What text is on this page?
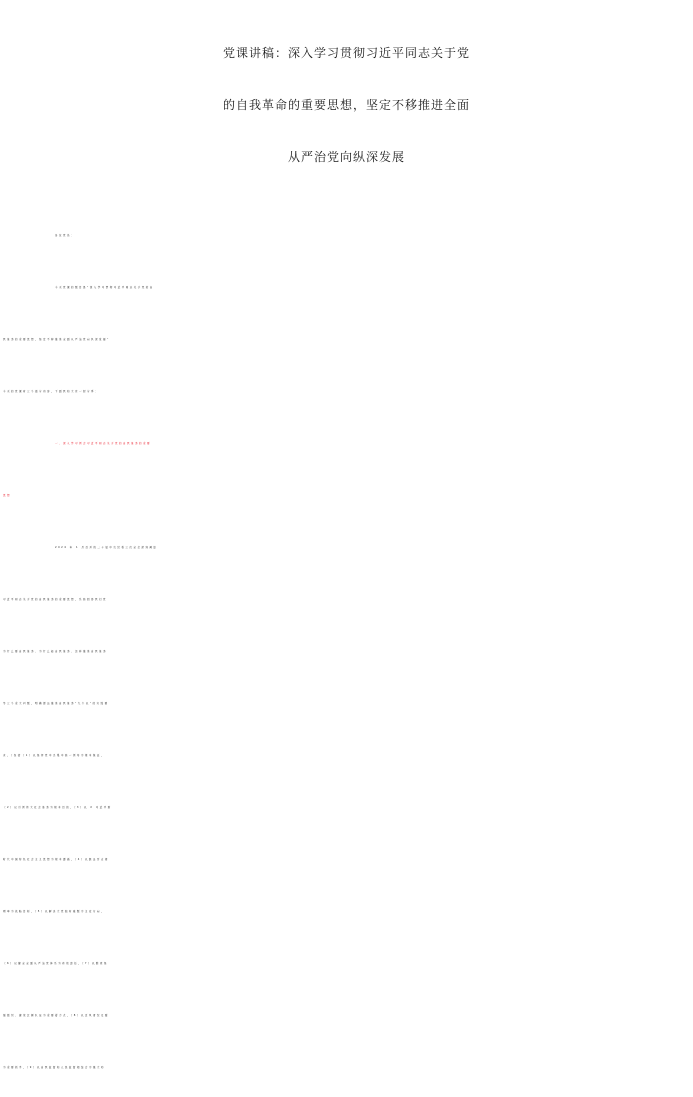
党课讲稿：深入学习贯彻习近平同志关于党
的自我革命的重要思想，坚定不移推进全面
从严治党向纵深发展
各位党员：
今天党课的题目是“深入学习贯彻习近平同志关于党的自
我革命的重要思想，坚定不移推进全面从严治党向纵深发展”
今天的党课有三个部分内容，下面我和大家一起分享：
一、深入学习领会习近平同志关于党的自我革命的重要
思想
2024 年 1 月召开的二十届中央纪委三次全会深刻阐述
习近平同志关于党的自我革命的重要思想，系统回答我们党
为什么要自我革命、为什么能自我革命、怎样推进自我革命
等三个重大问题，明确提出推进自我革命“九个以”的实践要
求。（包括（1）以坚持党中央集中统一领导为根本保证，
（2）以引领伟大社会革命为根本目的，（3）以 X 习近平新
时代中国特色社会主义思想为根本遵循，（4）以跳出历史周
期率为战略目标，（5）以解决大党独有难题为主攻方向，
（6）以健全全面从严治党体系为有效途径，（7）以锻造坚
强组织、建设过硬队伍为重要着力点，（8）以正风肃纪反腐
为重要抓手，（9）以自我监督和人民监督相结合为强大动
